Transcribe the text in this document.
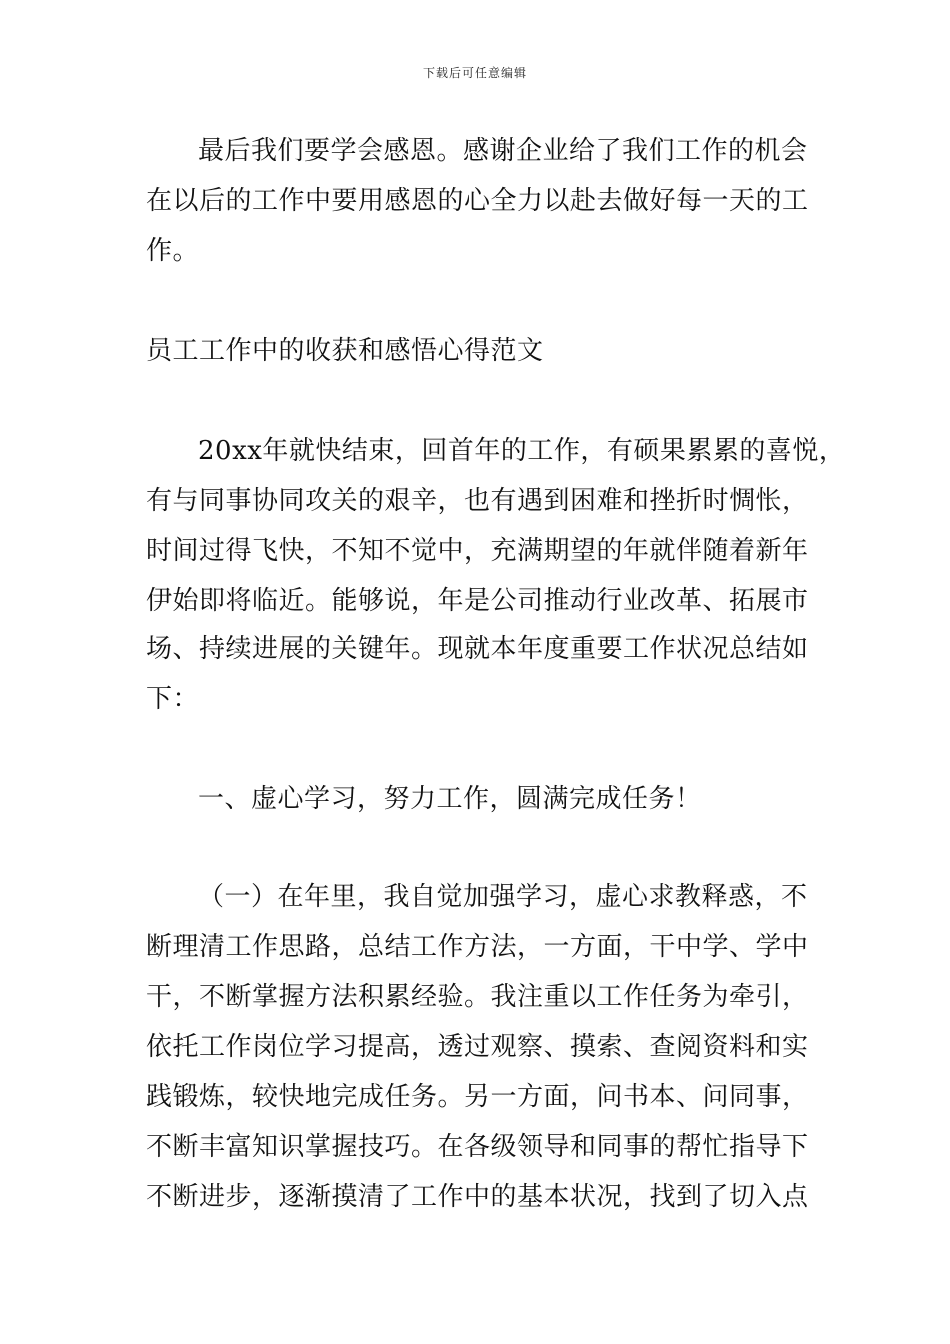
下载后可任意编辑
最后我们要学会感恩。感谢企业给了我们工作的机会
在以后的工作中要用感恩的心全力以赴去做好每一天的工
作。
员工工作中的收获和感悟心得范文
20xx年就快结束，回首年的工作，有硕果累累的喜悦，
有与同事协同攻关的艰辛，也有遇到困难和挫折时惆怅，
时间过得飞快，不知不觉中，充满期望的年就伴随着新年
伊始即将临近。能够说，年是公司推动行业改革、拓展市
场、持续进展的关键年。现就本年度重要工作状况总结如
下：
一、虚心学习，努力工作，圆满完成任务！
（一）在年里，我自觉加强学习，虚心求教释惑，不
断理清工作思路，总结工作方法，一方面，干中学、学中
干，不断掌握方法积累经验。我注重以工作任务为牵引，
依托工作岗位学习提高，透过观察、摸索、查阅资料和实
践锻炼，较快地完成任务。另一方面，问书本、问同事，
不断丰富知识掌握技巧。在各级领导和同事的帮忙指导下
不断进步，逐渐摸清了工作中的基本状况，找到了切入点
